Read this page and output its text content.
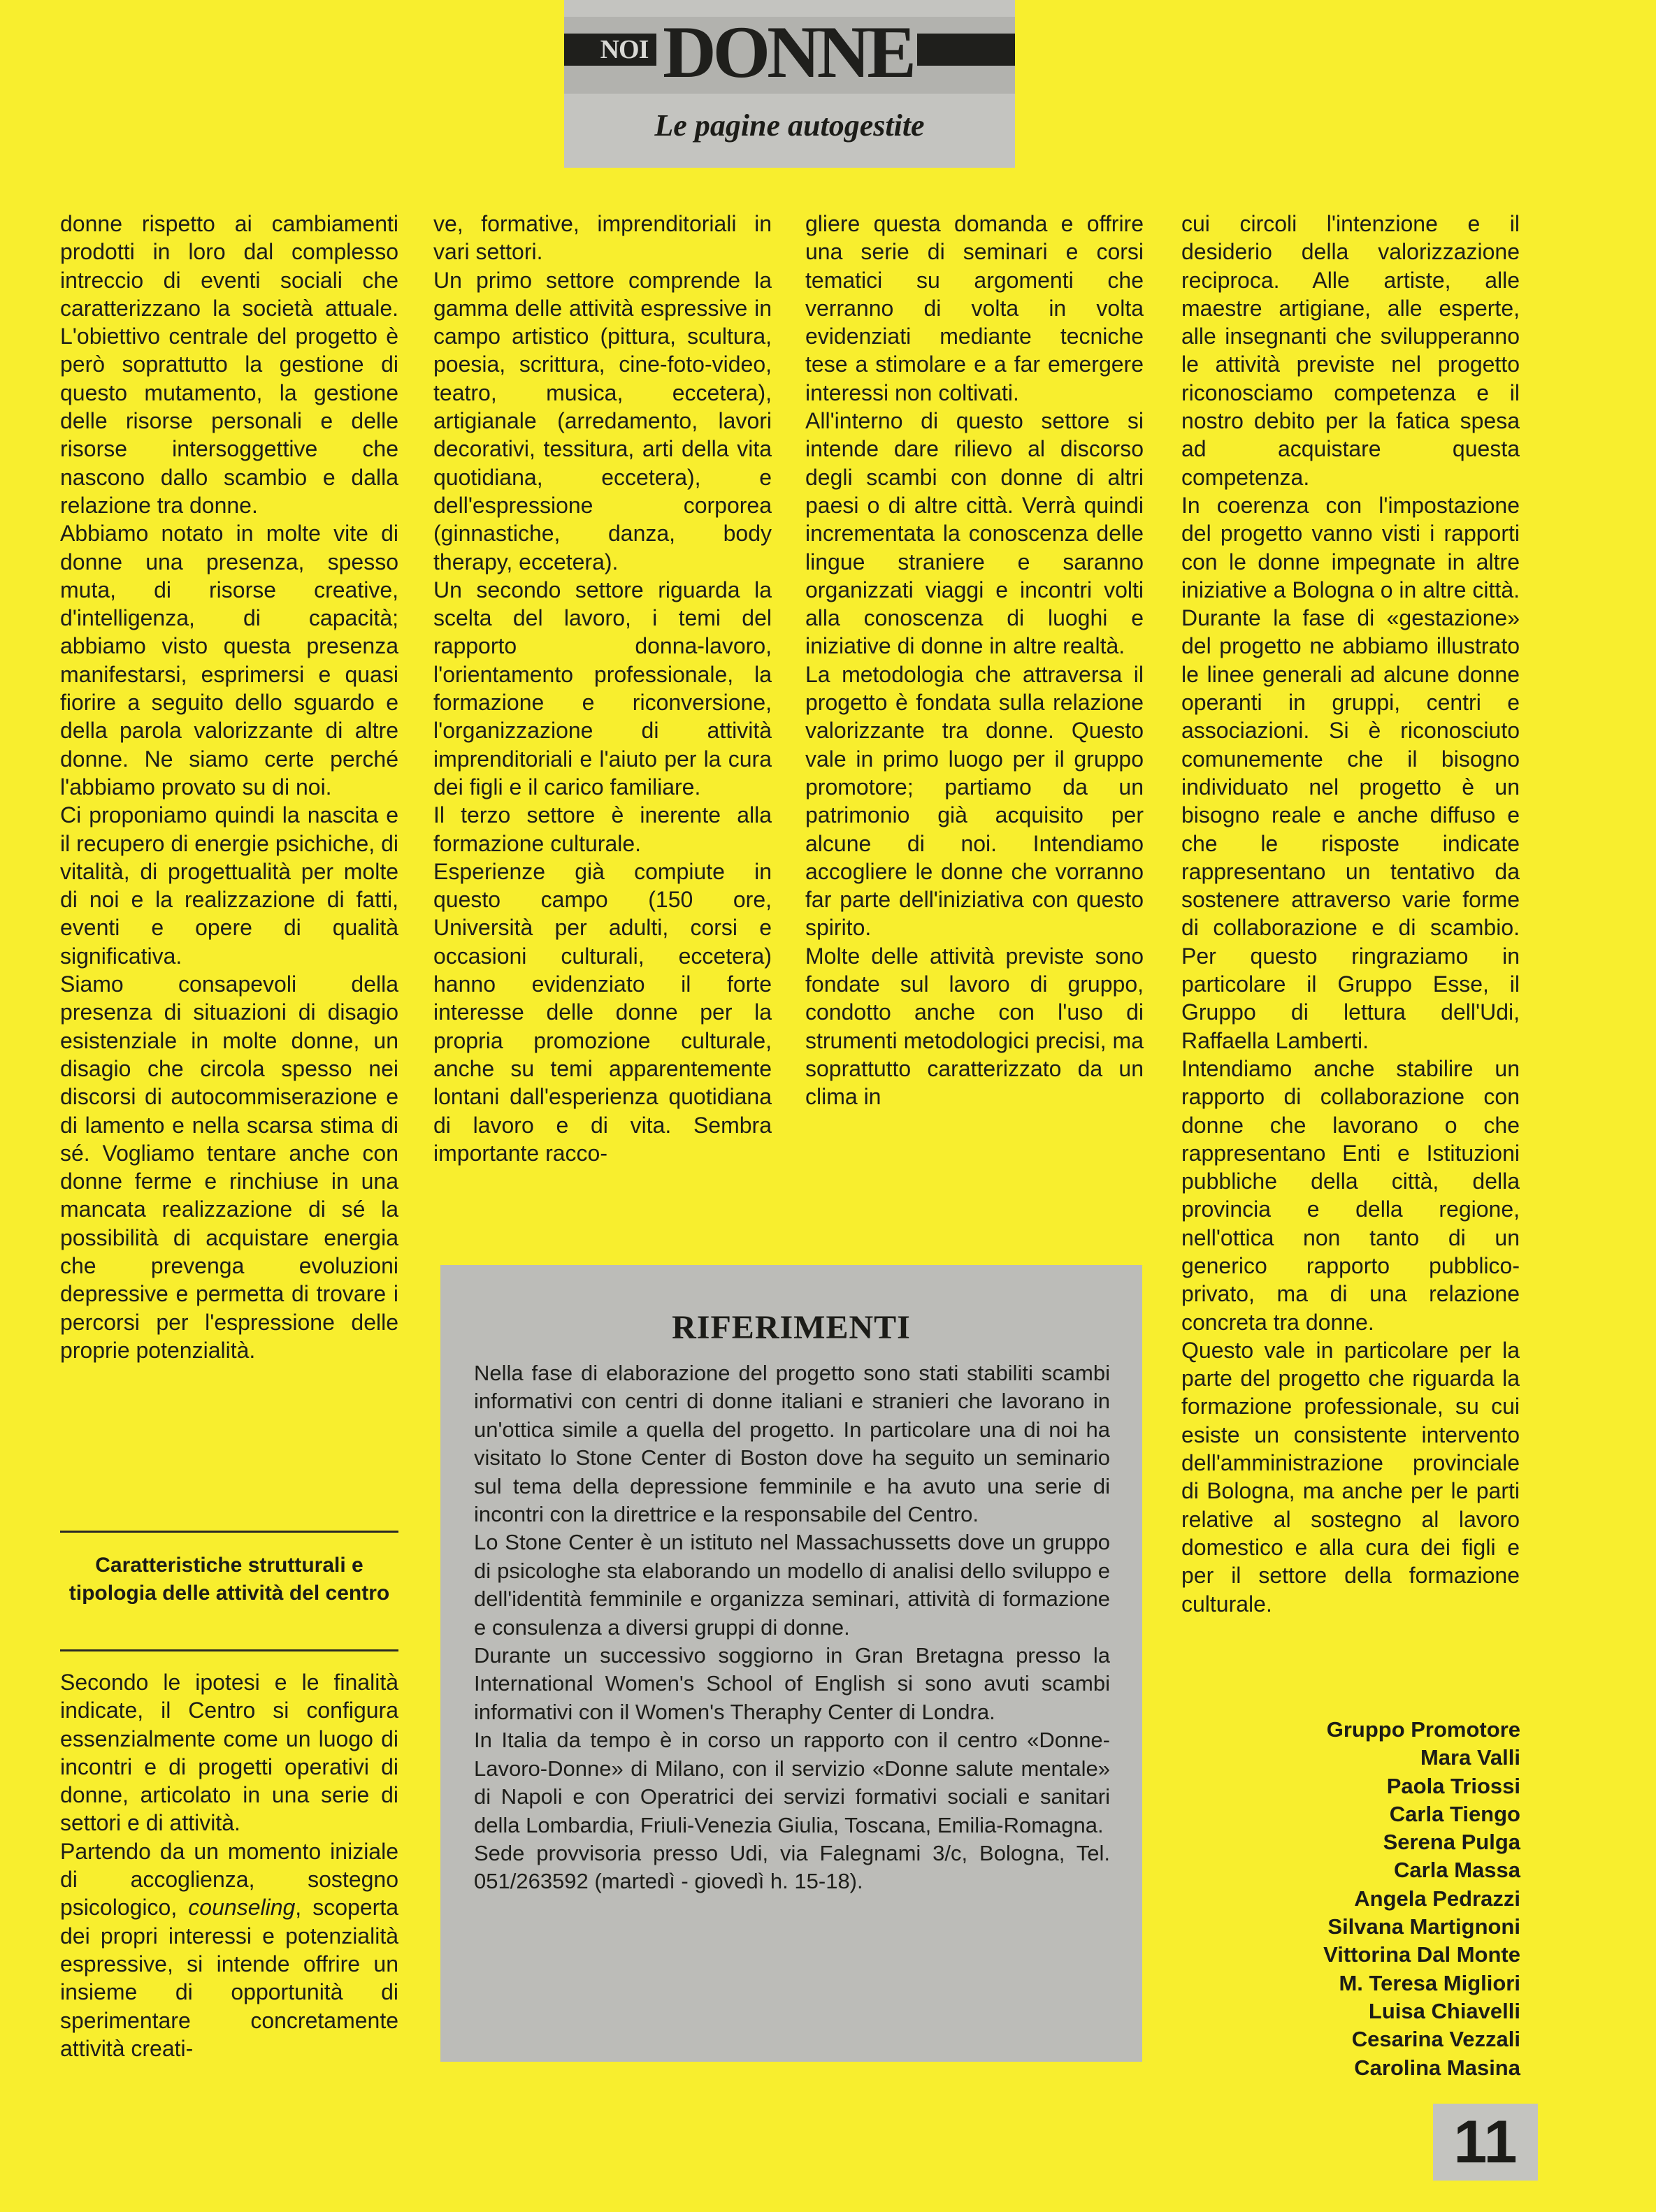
NOI DONNE
Le pagine autogestite

donne rispetto ai cambiamenti prodotti in loro dal complesso intreccio di eventi sociali che caratterizzano la società attuale. L'obiettivo centrale del progetto è però soprattutto la gestione di questo mutamento, la gestione delle risorse personali e delle risorse intersoggettive che nascono dallo scambio e dalla relazione tra donne.

Abbiamo notato in molte vite di donne una presenza, spesso muta, di risorse creative, d'intelligenza, di capacità; abbiamo visto questa presenza manifestarsi, esprimersi e quasi fiorire a seguito dello sguardo e della parola valorizzante di altre donne. Ne siamo certe perché l'abbiamo provato su di noi.

Ci proponiamo quindi la nascita e il recupero di energie psichiche, di vitalità, di progettualità per molte di noi e la realizzazione di fatti, eventi e opere di qualità significativa.

Siamo consapevoli della presenza di situazioni di disagio esistenziale in molte donne, un disagio che circola spesso nei discorsi di autocommiserazione e di lamento e nella scarsa stima di sé. Vogliamo tentare anche con donne ferme e rinchiuse in una mancata realizzazione di sé la possibilità di acquistare energia che prevenga evoluzioni depressive e permetta di trovare i percorsi per l'espressione delle proprie potenzialità.

Caratteristiche strutturali e tipologia delle attività del centro

Secondo le ipotesi e le finalità indicate, il Centro si configura essenzialmente come un luogo di incontri e di progetti operativi di donne, articolato in una serie di settori e di attività.

Partendo da un momento iniziale di accoglienza, sostegno psicologico, counseling, scoperta dei propri interessi e potenzialità espressive, si intende offrire un insieme di opportunità di sperimentare concretamente attività creati-

ve, formative, imprenditoriali in vari settori.

Un primo settore comprende la gamma delle attività espressive in campo artistico (pittura, scultura, poesia, scrittura, cine-foto-video, teatro, musica, eccetera), artigianale (arredamento, lavori decorativi, tessitura, arti della vita quotidiana, eccetera), e dell'espressione corporea (ginnastiche, danza, body therapy, eccetera).

Un secondo settore riguarda la scelta del lavoro, i temi del rapporto donna-lavoro, l'orientamento professionale, la formazione e riconversione, l'organizzazione di attività imprenditoriali e l'aiuto per la cura dei figli e il carico familiare.

Il terzo settore è inerente alla formazione culturale.

Esperienze già compiute in questo campo (150 ore, Università per adulti, corsi e occasioni culturali, eccetera) hanno evidenziato il forte interesse delle donne per la propria promozione culturale, anche su temi apparentemente lontani dall'esperienza quotidiana di lavoro e di vita. Sembra importante racco-

gliere questa domanda e offrire una serie di seminari e corsi tematici su argomenti che verranno di volta in volta evidenziati mediante tecniche tese a stimolare e a far emergere interessi non coltivati.

All'interno di questo settore si intende dare rilievo al discorso degli scambi con donne di altri paesi o di altre città. Verrà quindi incrementata la conoscenza delle lingue straniere e saranno organizzati viaggi e incontri volti alla conoscenza di luoghi e iniziative di donne in altre realtà.

La metodologia che attraversa il progetto è fondata sulla relazione valorizzante tra donne. Questo vale in primo luogo per il gruppo promotore; partiamo da un patrimonio già acquisito per alcune di noi. Intendiamo accogliere le donne che vorranno far parte dell'iniziativa con questo spirito.

Molte delle attività previste sono fondate sul lavoro di gruppo, condotto anche con l'uso di strumenti metodologici precisi, ma soprattutto caratterizzato da un clima in

cui circoli l'intenzione e il desiderio della valorizzazione reciproca. Alle artiste, alle maestre artigiane, alle esperte, alle insegnanti che svilupperanno le attività previste nel progetto riconosciamo competenza e il nostro debito per la fatica spesa ad acquistare questa competenza.

In coerenza con l'impostazione del progetto vanno visti i rapporti con le donne impegnate in altre iniziative a Bologna o in altre città. Durante la fase di «gestazione» del progetto ne abbiamo illustrato le linee generali ad alcune donne operanti in gruppi, centri e associazioni. Si è riconosciuto comunemente che il bisogno individuato nel progetto è un bisogno reale e anche diffuso e che le risposte indicate rappresentano un tentativo da sostenere attraverso varie forme di collaborazione e di scambio. Per questo ringraziamo in particolare il Gruppo Esse, il Gruppo di lettura dell'Udi, Raffaella Lamberti.

Intendiamo anche stabilire un rapporto di collaborazione con donne che lavorano o che rappresentano Enti e Istituzioni pubbliche della città, della provincia e della regione, nell'ottica non tanto di un generico rapporto pubblico-privato, ma di una relazione concreta tra donne.

Questo vale in particolare per la parte del progetto che riguarda la formazione professionale, su cui esiste un consistente intervento dell'amministrazione provinciale di Bologna, ma anche per le parti relative al sostegno al lavoro domestico e alla cura dei figli e per il settore della formazione culturale.

RIFERIMENTI

Nella fase di elaborazione del progetto sono stati stabiliti scambi informativi con centri di donne italiani e stranieri che lavorano in un'ottica simile a quella del progetto. In particolare una di noi ha visitato lo Stone Center di Boston dove ha seguito un seminario sul tema della depressione femminile e ha avuto una serie di incontri con la direttrice e la responsabile del Centro.

Lo Stone Center è un istituto nel Massachussetts dove un gruppo di psicologhe sta elaborando un modello di analisi dello sviluppo e dell'identità femminile e organizza seminari, attività di formazione e consulenza a diversi gruppi di donne.

Durante un successivo soggiorno in Gran Bretagna presso la International Women's School of English si sono avuti scambi informativi con il Women's Theraphy Center di Londra.

In Italia da tempo è in corso un rapporto con il centro «Donne-Lavoro-Donne» di Milano, con il servizio «Donne salute mentale» di Napoli e con Operatrici dei servizi formativi sociali e sanitari della Lombardia, Friuli-Venezia Giulia, Toscana, Emilia-Romagna.

Sede provvisoria presso Udi, via Falegnami 3/c, Bologna, Tel. 051/263592 (martedì - giovedì h. 15-18).

Gruppo Promotore
Mara Valli
Paola Triossi
Carla Tiengo
Serena Pulga
Carla Massa
Angela Pedrazzi
Silvana Martignoni
Vittorina Dal Monte
M. Teresa Migliori
Luisa Chiavelli
Cesarina Vezzali
Carolina Masina
11
